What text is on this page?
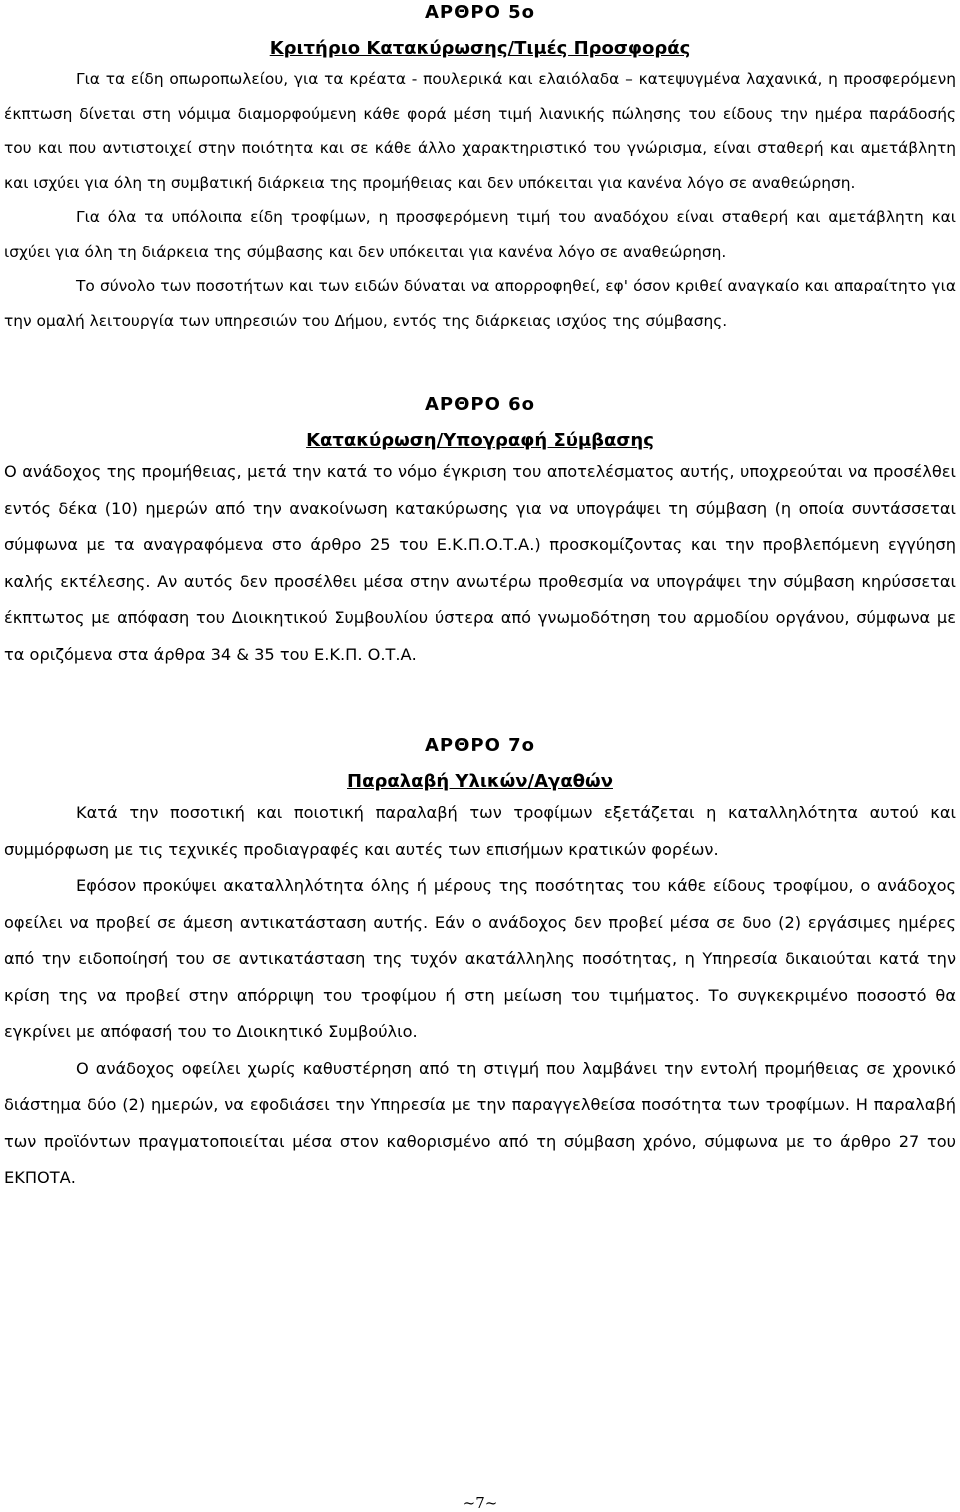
ΑΡΘΡΟ 5ο
Κριτήριο Κατακύρωσης/Τιμές Προσφοράς

Για τα είδη οπωροπωλείου, για τα κρέατα - πουλερικά και ελαιόλαδα – κατεψυγμένα λαχανικά, η προσφερόμενη έκπτωση δίνεται στη νόμιμα διαμορφούμενη κάθε φορά μέση τιμή λιανικής πώλησης του είδους την ημέρα παράδοσής του και που αντιστοιχεί στην ποιότητα και σε κάθε άλλο χαρακτηριστικό του γνώρισμα, είναι σταθερή και αμετάβλητη και ισχύει για όλη τη συμβατική διάρκεια της προμήθειας και δεν υπόκειται για κανένα λόγο σε αναθεώρηση.

Για όλα τα υπόλοιπα είδη τροφίμων, η προσφερόμενη τιμή του αναδόχου είναι σταθερή και αμετάβλητη και ισχύει για όλη τη διάρκεια της σύμβασης και δεν υπόκειται για κανένα λόγο σε αναθεώρηση.

Το σύνολο των ποσοτήτων και των ειδών δύναται να απορροφηθεί, εφ' όσον κριθεί αναγκαίο και απαραίτητο για την ομαλή λειτουργία των υπηρεσιών του Δήμου, εντός της διάρκειας ισχύος της σύμβασης.

ΑΡΘΡΟ 6ο
Κατακύρωση/Υπογραφή Σύμβασης

Ο ανάδοχος της προμήθειας, μετά την κατά το νόμο έγκριση του αποτελέσματος αυτής, υποχρεούται να προσέλθει εντός δέκα (10) ημερών από την ανακοίνωση κατακύρωσης για να υπογράψει τη σύμβαση (η οποία συντάσσεται σύμφωνα με τα αναγραφόμενα στο άρθρο 25 του Ε.Κ.Π.Ο.Τ.Α.) προσκομίζοντας και την προβλεπόμενη εγγύηση καλής εκτέλεσης. Αν αυτός δεν προσέλθει μέσα στην ανωτέρω προθεσμία να υπογράψει την σύμβαση κηρύσσεται έκπτωτος με απόφαση του Διοικητικού Συμβουλίου ύστερα από γνωμοδότηση του αρμοδίου οργάνου, σύμφωνα με τα οριζόμενα στα άρθρα 34 & 35 του Ε.Κ.Π. Ο.Τ.Α.

ΑΡΘΡΟ 7ο
Παραλαβή Υλικών/Αγαθών

Κατά την ποσοτική και ποιοτική παραλαβή των τροφίμων εξετάζεται η καταλληλότητα αυτού και συμμόρφωση με τις τεχνικές προδιαγραφές και αυτές των επισήμων κρατικών φορέων.

Εφόσον προκύψει ακαταλληλότητα όλης ή μέρους της ποσότητας του κάθε είδους τροφίμου, ο ανάδοχος οφείλει να προβεί σε άμεση αντικατάσταση αυτής. Εάν ο ανάδοχος δεν προβεί μέσα σε δυο (2) εργάσιμες ημέρες από την ειδοποίησή του σε αντικατάσταση της τυχόν ακατάλληλης ποσότητας, η Υπηρεσία δικαιούται κατά την κρίση της να προβεί στην απόρριψη του τροφίμου ή στη μείωση του τιμήματος. Το συγκεκριμένο ποσοστό θα εγκρίνει με απόφασή του το Διοικητικό Συμβούλιο.

Ο ανάδοχος οφείλει χωρίς καθυστέρηση από τη στιγμή που λαμβάνει την εντολή προμήθειας σε χρονικό διάστημα δύο (2) ημερών, να εφοδιάσει την Υπηρεσία με την παραγγελθείσα ποσότητα των τροφίμων. Η παραλαβή των προϊόντων πραγματοποιείται μέσα στον καθορισμένο από τη σύμβαση χρόνο, σύμφωνα με το άρθρο 27 του ΕΚΠΟΤΑ.

~7~
